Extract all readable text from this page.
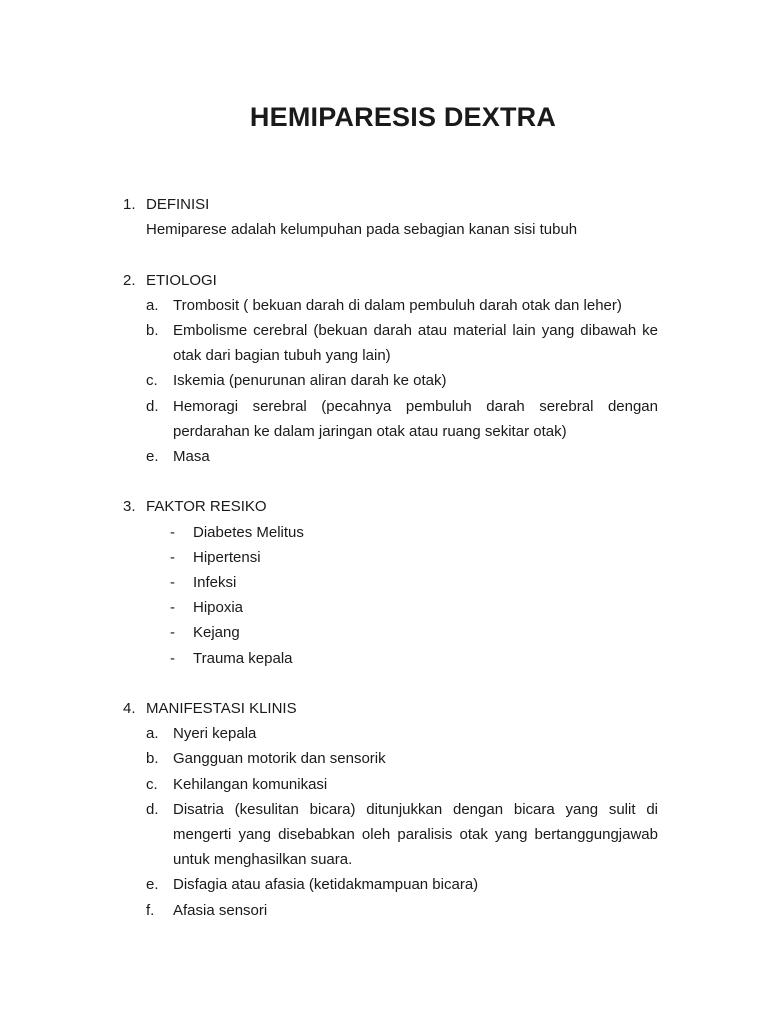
HEMIPARESIS DEXTRA
1. DEFINISI
Hemiparese adalah kelumpuhan pada sebagian kanan sisi tubuh
2. ETIOLOGI
a. Trombosit ( bekuan darah di dalam pembuluh darah otak dan leher)
b. Embolisme cerebral (bekuan darah atau material lain yang dibawah ke otak dari bagian tubuh yang lain)
c.	Iskemia (penurunan aliran darah ke otak)
d. Hemoragi serebral (pecahnya pembuluh darah serebral dengan perdarahan ke dalam jaringan otak atau ruang sekitar otak)
e. Masa
3. FAKTOR RESIKO
-	Diabetes Melitus
-	Hipertensi
-	Infeksi
-	Hipoxia
-	Kejang
-	Trauma kepala
4. MANIFESTASI KLINIS
a. Nyeri kepala
b. Gangguan motorik dan sensorik
c.	Kehilangan komunikasi
d. Disatria (kesulitan bicara) ditunjukkan dengan bicara yang sulit di mengerti yang disebabkan oleh paralisis otak yang bertanggungjawab untuk menghasilkan suara.
e. Disfagia atau afasia (ketidakmampuan bicara)
f.	Afasia sensori
